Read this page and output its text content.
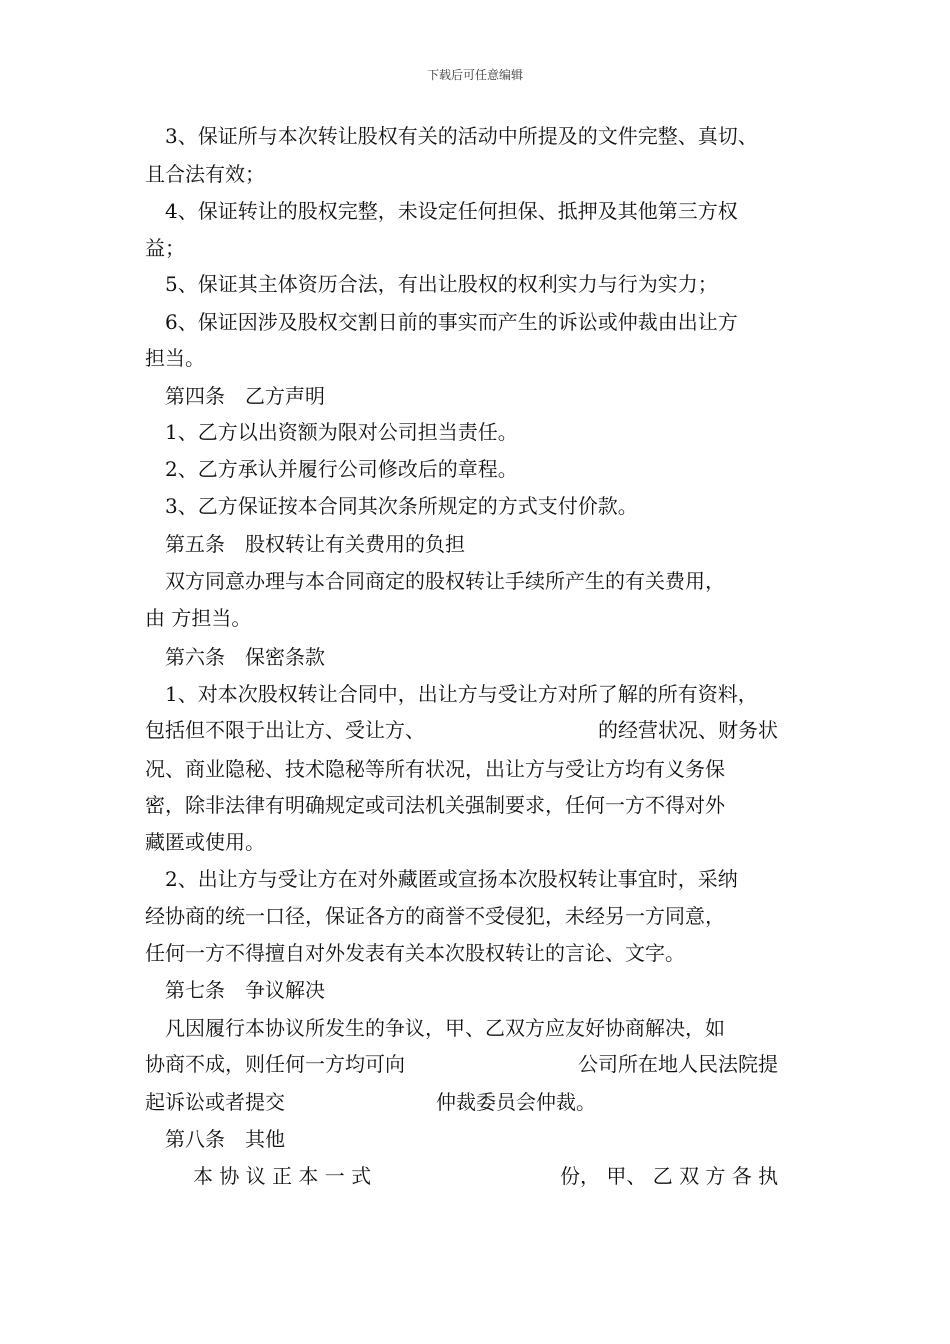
下载后可任意编辑
3、保证所与本次转让股权有关的活动中所提及的文件完整、真切、
且合法有效；
4、保证转让的股权完整，未设定任何担保、抵押及其他第三方权
益；
5、保证其主体资历合法，有出让股权的权利实力与行为实力；
6、保证因涉及股权交割日前的事实而产生的诉讼或仲裁由出让方
担当。
第四条　乙方声明
1、乙方以出资额为限对公司担当责任。
2、乙方承认并履行公司修改后的章程。
3、乙方保证按本合同其次条所规定的方式支付价款。
第五条　股权转让有关费用的负担
双方同意办理与本合同商定的股权转让手续所产生的有关费用，
由 方担当。
第六条　保密条款
1、对本次股权转让合同中，出让方与受让方对所了解的所有资料，
包括但不限于出让方、受让方、	的经营状况、财务状
况、商业隐秘、技术隐秘等所有状况，出让方与受让方均有义务保
密，除非法律有明确规定或司法机关强制要求，任何一方不得对外
藏匿或使用。
2、出让方与受让方在对外藏匿或宣扬本次股权转让事宜时，采纳
经协商的统一口径，保证各方的商誉不受侵犯，未经另一方同意，
任何一方不得擅自对外发表有关本次股权转让的言论、文字。
第七条　争议解决
凡因履行本协议所发生的争议，甲、乙双方应友好协商解决，如
协商不成，则任何一方均可向	公司所在地人民法院提
起诉讼或者提交	仲裁委员会仲裁。
第八条　其他
本 协 议 正 本 一 式	份， 甲、 乙 双 方 各 执
